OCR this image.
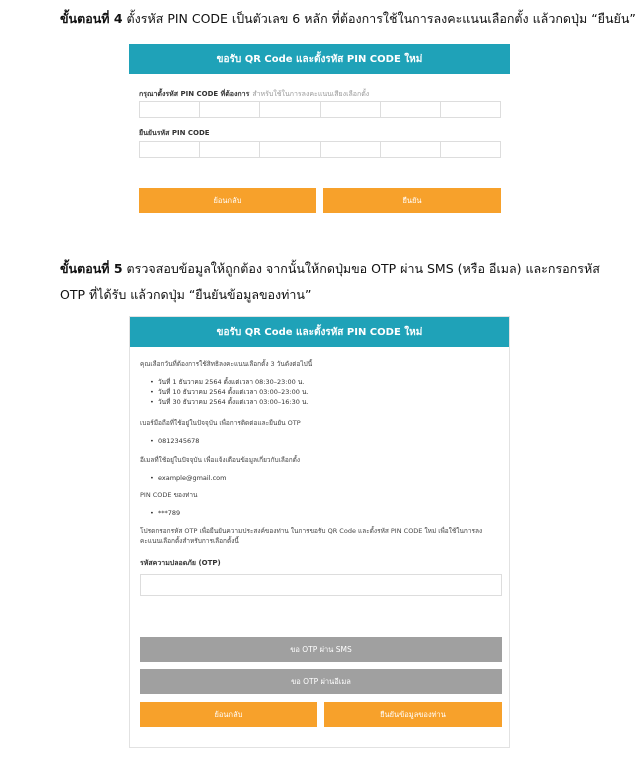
ขั้นตอนที่ 4 ตั้งรหัส PIN CODE เป็นตัวเลข 6 หลัก ที่ต้องการใช้ในการลงคะแนนเลือกตั้ง แล้วกดปุ่ม “ยืนยัน”
ขอรับ QR Code และตั้งรหัส PIN CODE ใหม่
กรุณาตั้งรหัส PIN CODE ที่ต้องการ สำหรับใช้ในการลงคะแนนเสียงเลือกตั้ง
ยืนยันรหัส PIN CODE
ย้อนกลับ	ยืนยัน
ขั้นตอนที่ 5 ตรวจสอบข้อมูลให้ถูกต้อง จากนั้นให้กดปุ่มขอ OTP ผ่าน SMS (หรือ อีเมล) และกรอกรหัส OTP ที่ได้รับ แล้วกดปุ่ม “ยืนยันข้อมูลของท่าน”
ขอรับ QR Code และตั้งรหัส PIN CODE ใหม่
คุณเลือกวันที่ต้องการใช้สิทธิลงคะแนนเลือกตั้ง 3 วันดังต่อไปนี้
• วันที่ 1 ธันวาคม 2564 ตั้งแต่เวลา 08:30–23:00 น.
• วันที่ 10 ธันวาคม 2564 ตั้งแต่เวลา 03:00–23:00 น.
• วันที่ 30 ธันวาคม 2564 ตั้งแต่เวลา 03:00–16:30 น.
เบอร์มือถือที่ใช้อยู่ในปัจจุบัน เพื่อการติดต่อและยืนยัน OTP
• 0812345678
อีเมลที่ใช้อยู่ในปัจจุบัน เพื่อแจ้งเตือนข้อมูลเกี่ยวกับเลือกตั้ง
• example@gmail.com
PIN CODE ของท่าน
• ***789
โปรดกรอกรหัส OTP เพื่อยืนยันความประสงค์ของท่าน ในการขอรับ QR Code และตั้งรหัส PIN CODE ใหม่ เพื่อใช้ในการลงคะแนนเลือกตั้งสำหรับการเลือกตั้งนี้
รหัสความปลอดภัย (OTP)
ขอ OTP ผ่าน SMS
ขอ OTP ผ่านอีเมล
ย้อนกลับ	ยืนยันข้อมูลของท่าน
